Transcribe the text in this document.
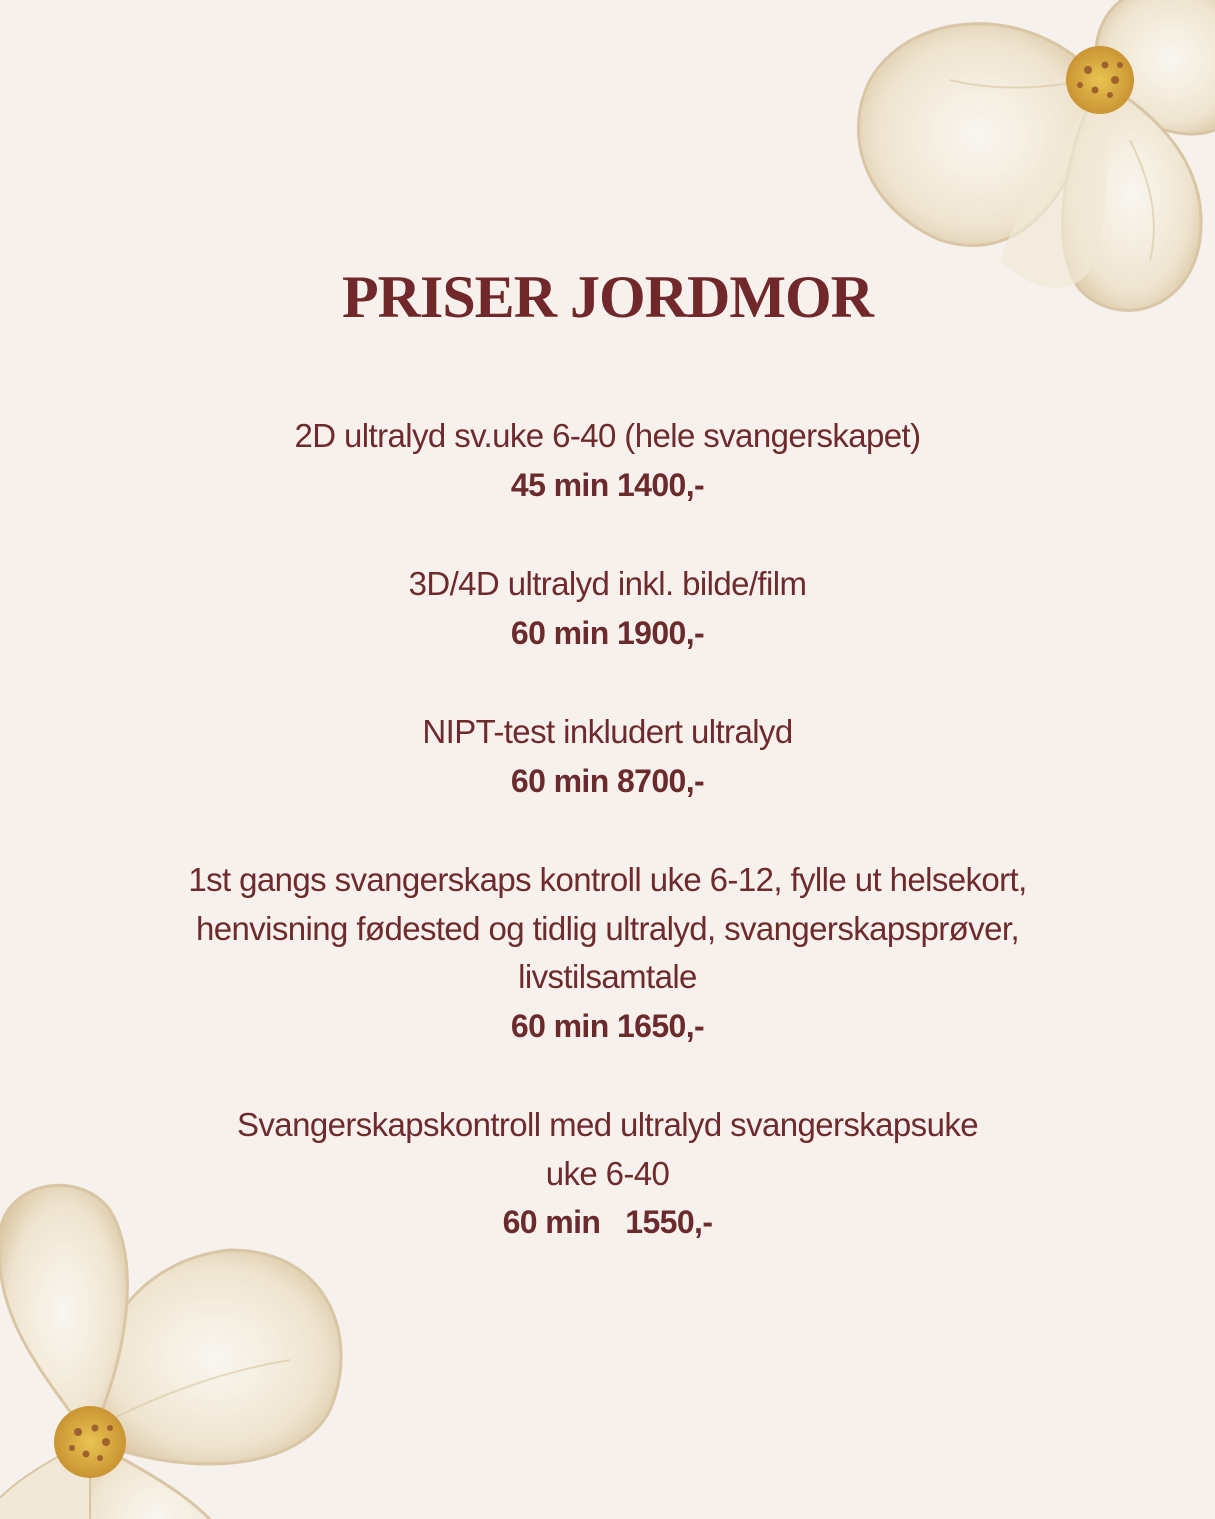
PRISER JORDMOR
2D ultralyd sv.uke 6-40 (hele svangerskapet)
45 min 1400,-
3D/4D ultralyd inkl. bilde/film
60 min 1900,-
NIPT-test inkludert ultralyd
60 min 8700,-
1st gangs svangerskaps kontroll uke 6-12, fylle ut helsekort,
henvisning fødested og tidlig ultralyd, svangerskapsprøver,
livstilsamtale
60 min 1650,-
Svangerskapskontroll med ultralyd svangerskapsuke
uke 6-40
60 min   1550,-
